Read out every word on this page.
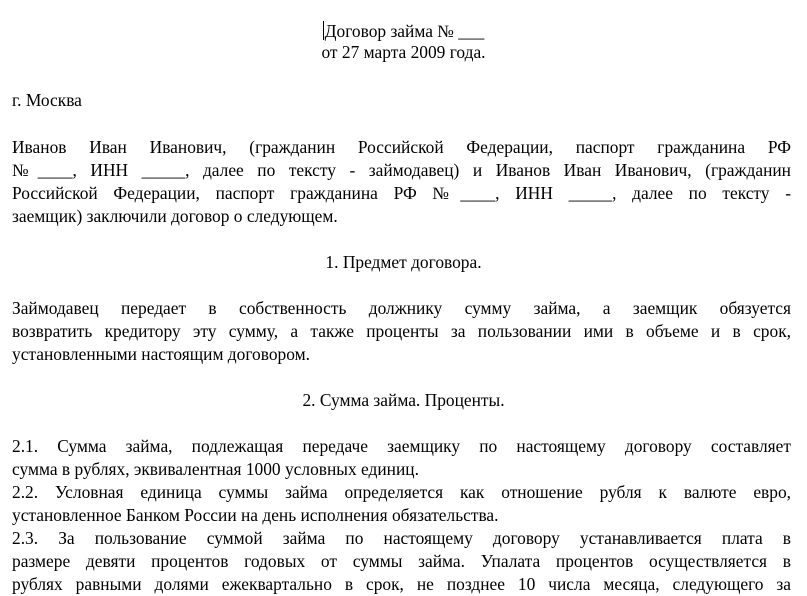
Договор займа № ___
от 27 марта 2009 года.
г. Москва
Иванов Иван Иванович, (гражданин Российской Федерации, паспорт гражданина РФ
№____, ИНН _____, далее по тексту - займодавец) и Иванов Иван Иванович, (гражданин
Российской Федерации, паспорт гражданина РФ №____, ИНН _____, далее по тексту -
заемщик) заключили договор о следующем.
1. Предмет договора.
Займодавец передает в собственность должнику сумму займа, а заемщик обязуется
возвратить кредитору эту сумму, а также проценты за пользовании ими в объеме и в срок,
установленными настоящим договором.
2. Сумма займа. Проценты.
2.1. Сумма займа, подлежащая передаче заемщику по настоящему договору составляет
сумма в рублях, эквивалентная 1000 условных единиц.
2.2. Условная единица суммы займа определяется как отношение рубля к валюте евро,
установленное Банком России на день исполнения обязательства.
2.3. За пользование суммой займа по настоящему договору устанавливается плата в
размере девяти процентов годовых от суммы займа. Упалата процентов осуществляется в
рублях равными долями ежеквартально в срок, не позднее 10 числа месяца, следующего за
